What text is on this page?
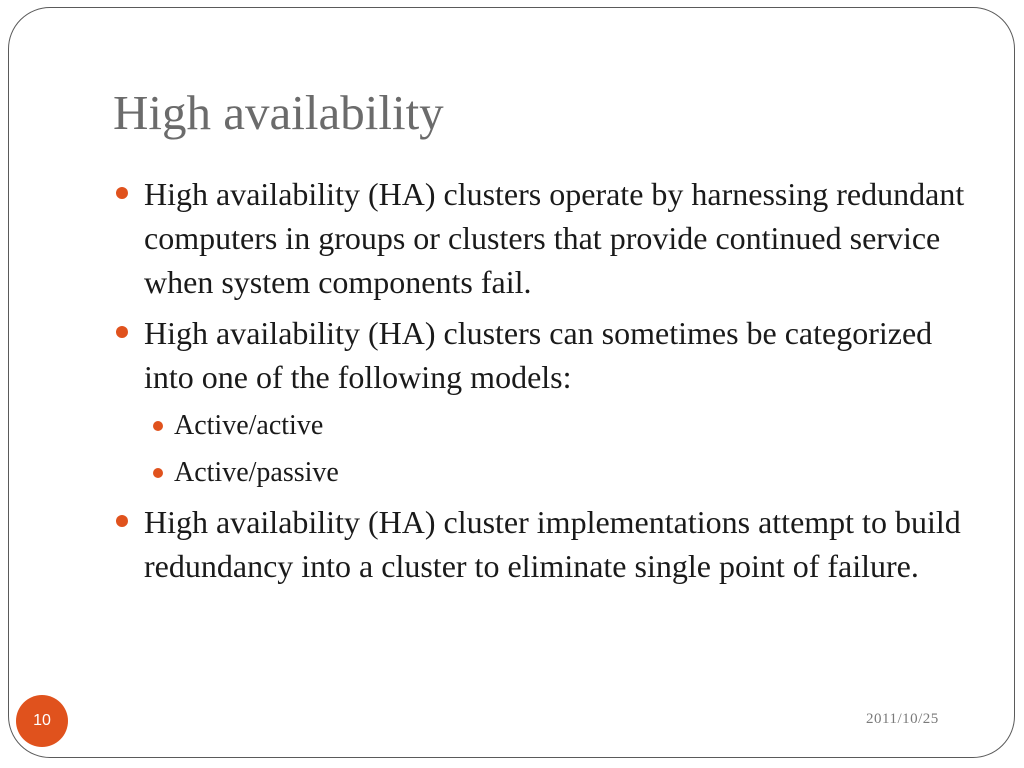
High availability
High availability (HA) clusters operate by harnessing redundant computers in groups or clusters that provide continued service when system components fail.
High availability (HA) clusters can sometimes be categorized into one of the following models:
Active/active
Active/passive
High availability (HA) cluster implementations attempt to build redundancy into a cluster to eliminate single point of failure.
10	2011/10/25
